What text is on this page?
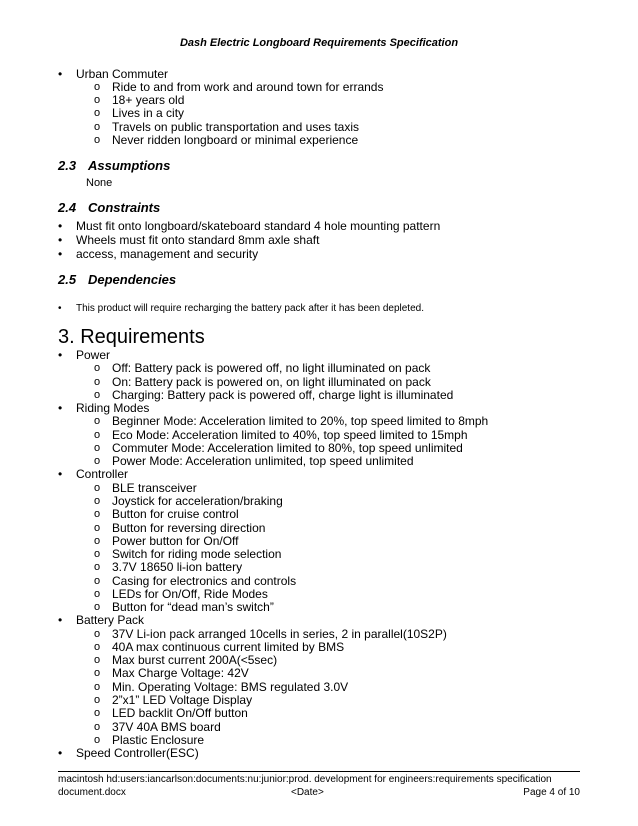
Dash Electric Longboard Requirements Specification
• Urban Commuter
o Ride to and from work and around town for errands
o 18+ years old
o Lives in a city
o Travels on public transportation and uses taxis
o Never ridden longboard or minimal experience
2.3 Assumptions
None
2.4 Constraints
• Must fit onto longboard/skateboard standard 4 hole mounting pattern
• Wheels must fit onto standard 8mm axle shaft
• access, management and security
2.5 Dependencies
• This product will require recharging the battery pack after it has been depleted.
3. Requirements
• Power
o Off: Battery pack is powered off, no light illuminated on pack
o On: Battery pack is powered on, on light illuminated on pack
o Charging: Battery pack is powered off, charge light is illuminated
• Riding Modes
o Beginner Mode: Acceleration limited to 20%, top speed limited to 8mph
o Eco Mode: Acceleration limited to 40%, top speed limited to 15mph
o Commuter Mode: Acceleration limited to 80%, top speed unlimited
o Power Mode: Acceleration unlimited, top speed unlimited
• Controller
o BLE transceiver
o Joystick for acceleration/braking
o Button for cruise control
o Button for reversing direction
o Power button for On/Off
o Switch for riding mode selection
o 3.7V 18650 li-ion battery
o Casing for electronics and controls
o LEDs for On/Off, Ride Modes
o Button for “dead man’s switch”
• Battery Pack
o 37V Li-ion pack arranged 10cells in series, 2 in parallel(10S2P)
o 40A max continuous current limited by BMS
o Max burst current 200A(<5sec)
o Max Charge Voltage: 42V
o Min. Operating Voltage: BMS regulated 3.0V
o 2”x1” LED Voltage Display
o LED backlit On/Off button
o 37V 40A BMS board
o Plastic Enclosure
• Speed Controller(ESC)
macintosh hd:users:iancarlson:documents:nu:junior:prod. development for engineers:requirements specification
document.docx	<Date>	Page 4 of 10
